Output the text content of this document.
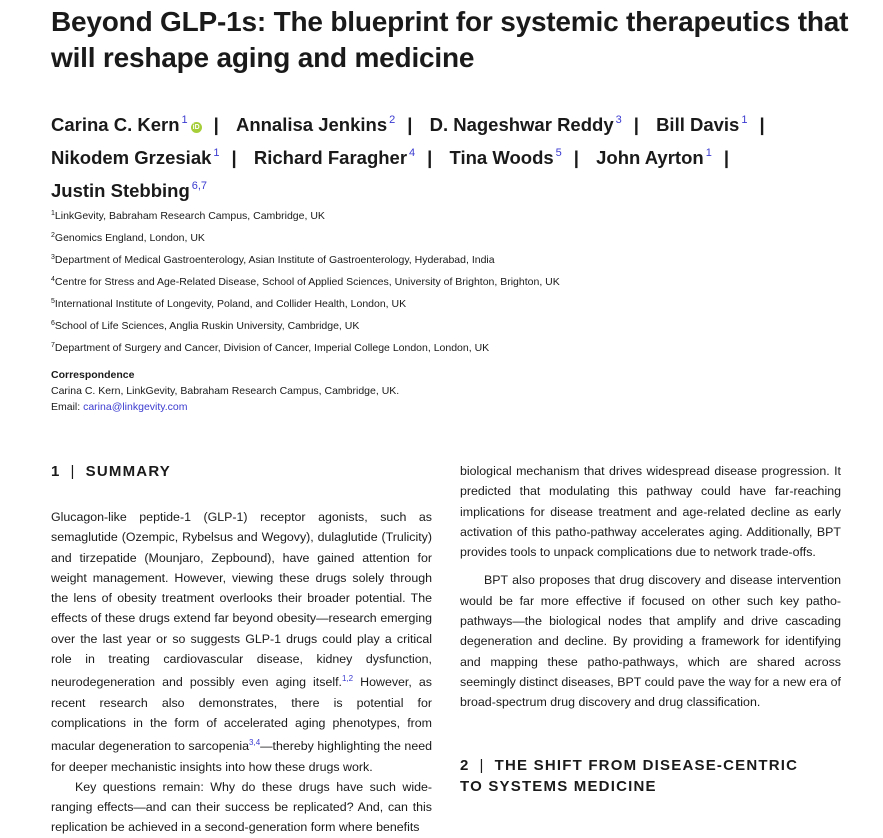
Beyond GLP-1s: The blueprint for systemic therapeutics that will reshape aging and medicine
Carina C. Kern $^1$iD | Annalisa Jenkins $^2$ | D. Nageshwar Reddy $^3$ | Bill Davis $^1$ |
Nikodem Grzesiak $^1$ | Richard Faragher $^4$ | Tina Woods $^5$ | John Ayrton $^1$ |
Justin Stebbing $^{6,7}$
$^1$LinkGevity, Babraham Research Campus, Cambridge, UK
$^2$Genomics England, London, UK
$^3$Department of Medical Gastroenterology, Asian Institute of Gastroenterology, Hyderabad, India
$^4$Centre for Stress and Age-Related Disease, School of Applied Sciences, University of Brighton, Brighton, UK
$^5$International Institute of Longevity, Poland, and Collider Health, London, UK
$^6$School of Life Sciences, Anglia Ruskin University, Cambridge, UK
$^7$Department of Surgery and Cancer, Division of Cancer, Imperial College London, London, UK
Correspondence
Carina C. Kern, LinkGevity, Babraham Research Campus, Cambridge, UK.
Email: carina@linkgevity.com
1 | SUMMARY

Glucagon-like peptide-1 (GLP-1) receptor agonists, such as semaglutide (Ozempic, Rybelsus and Wegovy), dulaglutide (Trulicity) and tirzepatide (Mounjaro, Zepbound), have gained attention for weight management. However, viewing these drugs solely through the lens of obesity treatment overlooks their broader potential. The effects of these drugs extend far beyond obesity—research emerging over the last year or so suggests GLP-1 drugs could play a critical role in treating cardiovascular disease, kidney dysfunction, neurodegeneration and possibly even aging itself.$^{1,2}$ However, as recent research also demonstrates, there is potential for complications in the form of accelerated aging phenotypes, from macular degeneration to sarcopenia$^{3,4}$—thereby highlighting the need for deeper mechanistic insights into how these drugs work.

Key questions remain: Why do these drugs have such wide-ranging effects—and can their success be replicated? And, can this replication be achieved in a second-generation form where benefits

biological mechanism that drives widespread disease progression. It predicted that modulating this pathway could have far-reaching implications for disease treatment and age-related decline as early activation of this patho-pathway accelerates aging. Additionally, BPT provides tools to unpack complications due to network trade-offs.

BPT also proposes that drug discovery and disease intervention would be far more effective if focused on other such key patho-pathways—the biological nodes that amplify and drive cascading degeneration and decline. By providing a framework for identifying and mapping these patho-pathways, which are shared across seemingly distinct diseases, BPT could pave the way for a new era of broad-spectrum drug discovery and drug classification.

2 | THE SHIFT FROM DISEASE-CENTRIC
TO SYSTEMS MEDICINE
